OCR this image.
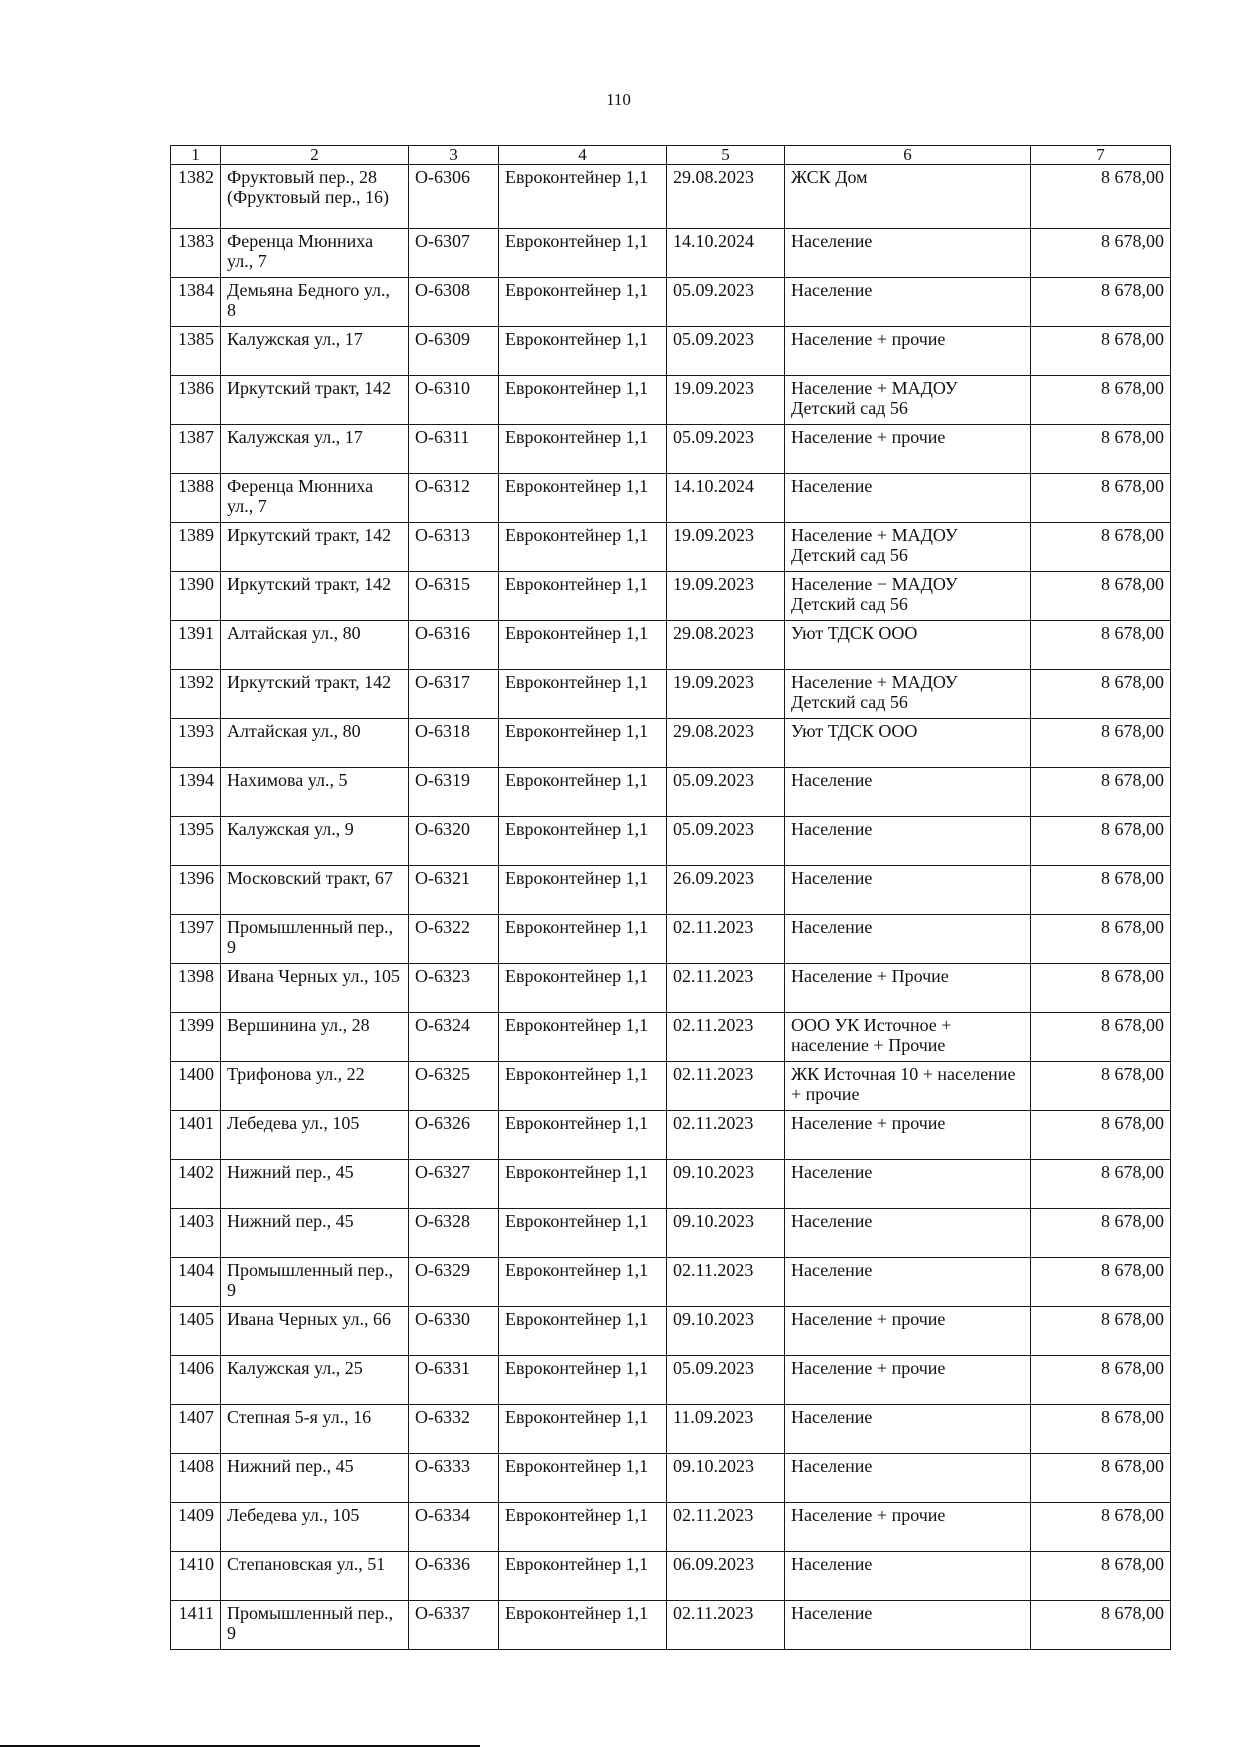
110
1	2	3	4	5	6	7
1382	Фруктовый пер., 28 (Фруктовый пер., 16)	О-6306	Евроконтейнер 1,1	29.08.2023	ЖСК Дом	8 678,00
1383	Ференца Мюнниха ул., 7	О-6307	Евроконтейнер 1,1	14.10.2024	Население	8 678,00
1384	Демьяна Бедного ул., 8	О-6308	Евроконтейнер 1,1	05.09.2023	Население	8 678,00
1385	Калужская ул., 17	О-6309	Евроконтейнер 1,1	05.09.2023	Население + прочие	8 678,00
1386	Иркутский тракт, 142	О-6310	Евроконтейнер 1,1	19.09.2023	Население + МАДОУ Детский сад 56	8 678,00
1387	Калужская ул., 17	О-6311	Евроконтейнер 1,1	05.09.2023	Население + прочие	8 678,00
1388	Ференца Мюнниха ул., 7	О-6312	Евроконтейнер 1,1	14.10.2024	Население	8 678,00
1389	Иркутский тракт, 142	О-6313	Евроконтейнер 1,1	19.09.2023	Население + МАДОУ Детский сад 56	8 678,00
1390	Иркутский тракт, 142	О-6315	Евроконтейнер 1,1	19.09.2023	Население − МАДОУ Детский сад 56	8 678,00
1391	Алтайская ул., 80	О-6316	Евроконтейнер 1,1	29.08.2023	Уют ТДСК ООО	8 678,00
1392	Иркутский тракт, 142	О-6317	Евроконтейнер 1,1	19.09.2023	Население + МАДОУ Детский сад 56	8 678,00
1393	Алтайская ул., 80	О-6318	Евроконтейнер 1,1	29.08.2023	Уют ТДСК ООО	8 678,00
1394	Нахимова ул., 5	О-6319	Евроконтейнер 1,1	05.09.2023	Население	8 678,00
1395	Калужская ул., 9	О-6320	Евроконтейнер 1,1	05.09.2023	Население	8 678,00
1396	Московский тракт, 67	О-6321	Евроконтейнер 1,1	26.09.2023	Население	8 678,00
1397	Промышленный пер., 9	О-6322	Евроконтейнер 1,1	02.11.2023	Население	8 678,00
1398	Ивана Черных ул., 105	О-6323	Евроконтейнер 1,1	02.11.2023	Население + Прочие	8 678,00
1399	Вершинина ул., 28	О-6324	Евроконтейнер 1,1	02.11.2023	ООО УК Источное + население + Прочие	8 678,00
1400	Трифонова ул., 22	О-6325	Евроконтейнер 1,1	02.11.2023	ЖК Источная 10 + население + прочие	8 678,00
1401	Лебедева ул., 105	О-6326	Евроконтейнер 1,1	02.11.2023	Население + прочие	8 678,00
1402	Нижний пер., 45	О-6327	Евроконтейнер 1,1	09.10.2023	Население	8 678,00
1403	Нижний пер., 45	О-6328	Евроконтейнер 1,1	09.10.2023	Население	8 678,00
1404	Промышленный пер., 9	О-6329	Евроконтейнер 1,1	02.11.2023	Население	8 678,00
1405	Ивана Черных ул., 66	О-6330	Евроконтейнер 1,1	09.10.2023	Население + прочие	8 678,00
1406	Калужская ул., 25	О-6331	Евроконтейнер 1,1	05.09.2023	Население + прочие	8 678,00
1407	Степная 5-я ул., 16	О-6332	Евроконтейнер 1,1	11.09.2023	Население	8 678,00
1408	Нижний пер., 45	О-6333	Евроконтейнер 1,1	09.10.2023	Население	8 678,00
1409	Лебедева ул., 105	О-6334	Евроконтейнер 1,1	02.11.2023	Население + прочие	8 678,00
1410	Степановская ул., 51	О-6336	Евроконтейнер 1,1	06.09.2023	Население	8 678,00
1411	Промышленный пер., 9	О-6337	Евроконтейнер 1,1	02.11.2023	Население	8 678,00
